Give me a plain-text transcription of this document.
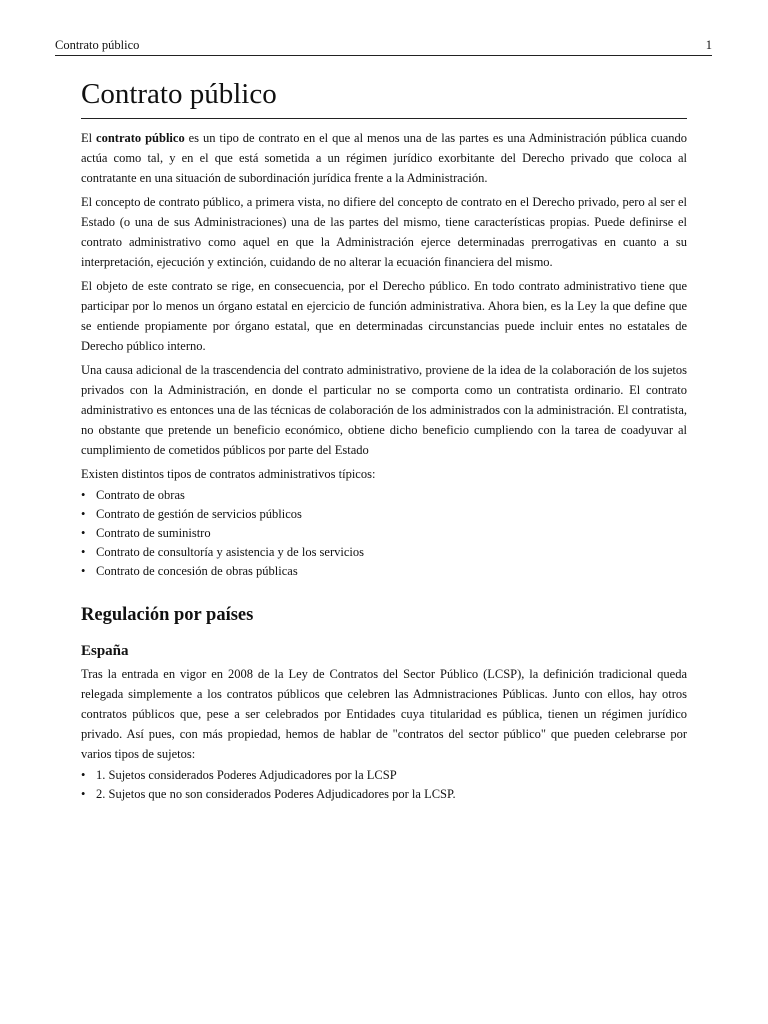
Contrato público	1
Contrato público

El contrato público es un tipo de contrato en el que al menos una de las partes es una Administración pública cuando actúa como tal, y en el que está sometida a un régimen jurídico exorbitante del Derecho privado que coloca al contratante en una situación de subordinación jurídica frente a la Administración.

El concepto de contrato público, a primera vista, no difiere del concepto de contrato en el Derecho privado, pero al ser el Estado (o una de sus Administraciones) una de las partes del mismo, tiene características propias. Puede definirse el contrato administrativo como aquel en que la Administración ejerce determinadas prerrogativas en cuanto a su interpretación, ejecución y extinción, cuidando de no alterar la ecuación financiera del mismo.

El objeto de este contrato se rige, en consecuencia, por el Derecho público. En todo contrato administrativo tiene que participar por lo menos un órgano estatal en ejercicio de función administrativa. Ahora bien, es la Ley la que define que se entiende propiamente por órgano estatal, que en determinadas circunstancias puede incluir entes no estatales de Derecho público interno.

Una causa adicional de la trascendencia del contrato administrativo, proviene de la idea de la colaboración de los sujetos privados con la Administración, en donde el particular no se comporta como un contratista ordinario. El contrato administrativo es entonces una de las técnicas de colaboración de los administrados con la administración. El contratista, no obstante que pretende un beneficio económico, obtiene dicho beneficio cumpliendo con la tarea de coadyuvar al cumplimiento de cometidos públicos por parte del Estado

Existen distintos tipos de contratos administrativos típicos:

• Contrato de obras
• Contrato de gestión de servicios públicos
• Contrato de suministro
• Contrato de consultoría y asistencia y de los servicios
• Contrato de concesión de obras públicas
Regulación por países
España

Tras la entrada en vigor en 2008 de la Ley de Contratos del Sector Público (LCSP), la definición tradicional queda relegada simplemente a los contratos públicos que celebren las Admnistraciones Públicas. Junto con ellos, hay otros contratos públicos que, pese a ser celebrados por Entidades cuya titularidad es pública, tienen un régimen jurídico privado. Así pues, con más propiedad, hemos de hablar de "contratos del sector público" que pueden celebrarse por varios tipos de sujetos:

• 1. Sujetos considerados Poderes Adjudicadores por la LCSP
• 2. Sujetos que no son considerados Poderes Adjudicadores por la LCSP.
